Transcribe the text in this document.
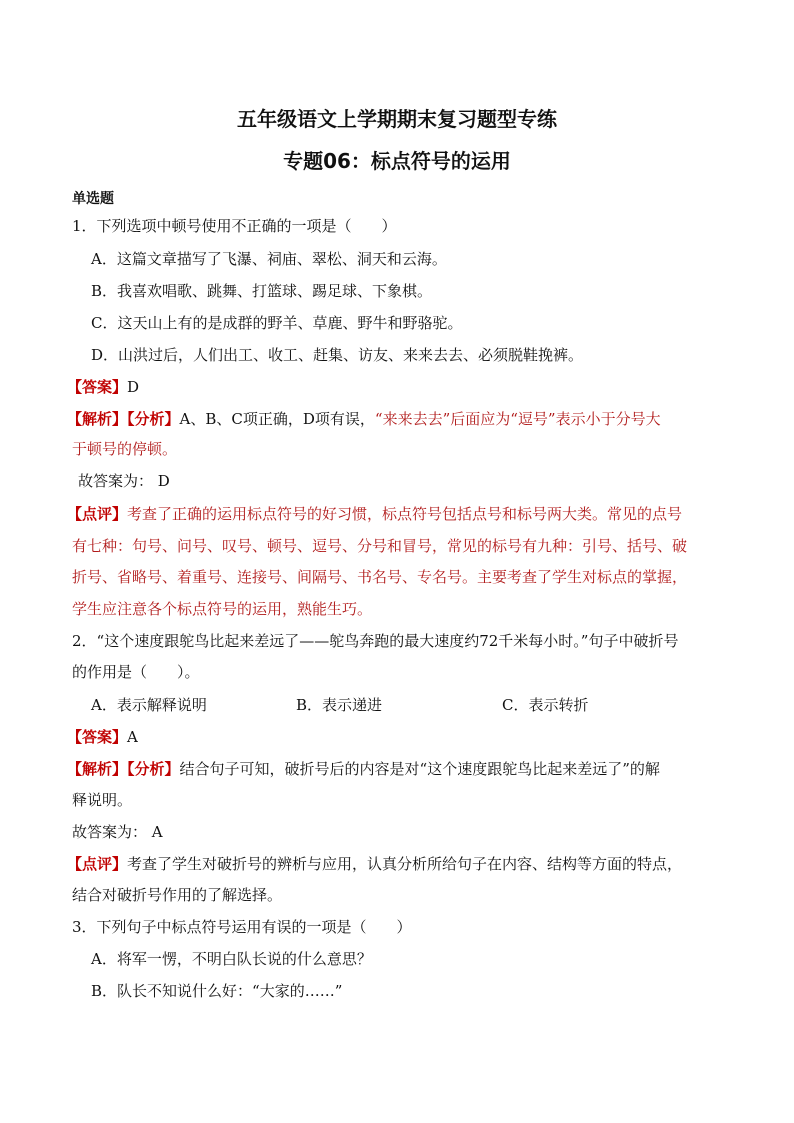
五年级语文上学期期末复习题型专练
专题06：标点符号的运用
单选题
1．下列选项中顿号使用不正确的一项是（　　）
A．这篇文章描写了飞瀑、祠庙、翠松、洞天和云海。
B．我喜欢唱歌、跳舞、打篮球、踢足球、下象棋。
C．这天山上有的是成群的野羊、草鹿、野牛和野骆驼。
D．山洪过后，人们出工、收工、赶集、访友、来来去去、必须脱鞋挽裤。
【答案】D
【解析】【分析】A、B、C项正确，D项有误，“来来去去”后面应为“逗号”表示小于分号大
于顿号的停顿。
故答案为： D
【点评】考查了正确的运用标点符号的好习惯，标点符号包括点号和标号两大类。常见的点号
有七种：句号、问号、叹号、顿号、逗号、分号和冒号，常见的标号有九种：引号、括号、破
折号、省略号、着重号、连接号、间隔号、书名号、专名号。主要考查了学生对标点的掌握，
学生应注意各个标点符号的运用，熟能生巧。
2．“这个速度跟鸵鸟比起来差远了——鸵鸟奔跑的最大速度约72千米每小时。”句子中破折号
的作用是（　　）。
A．表示解释说明	B．表示递进	C．表示转折
【答案】A
【解析】【分析】结合句子可知，破折号后的内容是对“这个速度跟鸵鸟比起来差远了”的解
释说明。
故答案为： A
【点评】考查了学生对破折号的辨析与应用，认真分析所给句子在内容、结构等方面的特点，
结合对破折号作用的了解选择。
3．下列句子中标点符号运用有误的一项是（　　）
A．将军一愣，不明白队长说的什么意思？
B．队长不知说什么好：“大家的……”
